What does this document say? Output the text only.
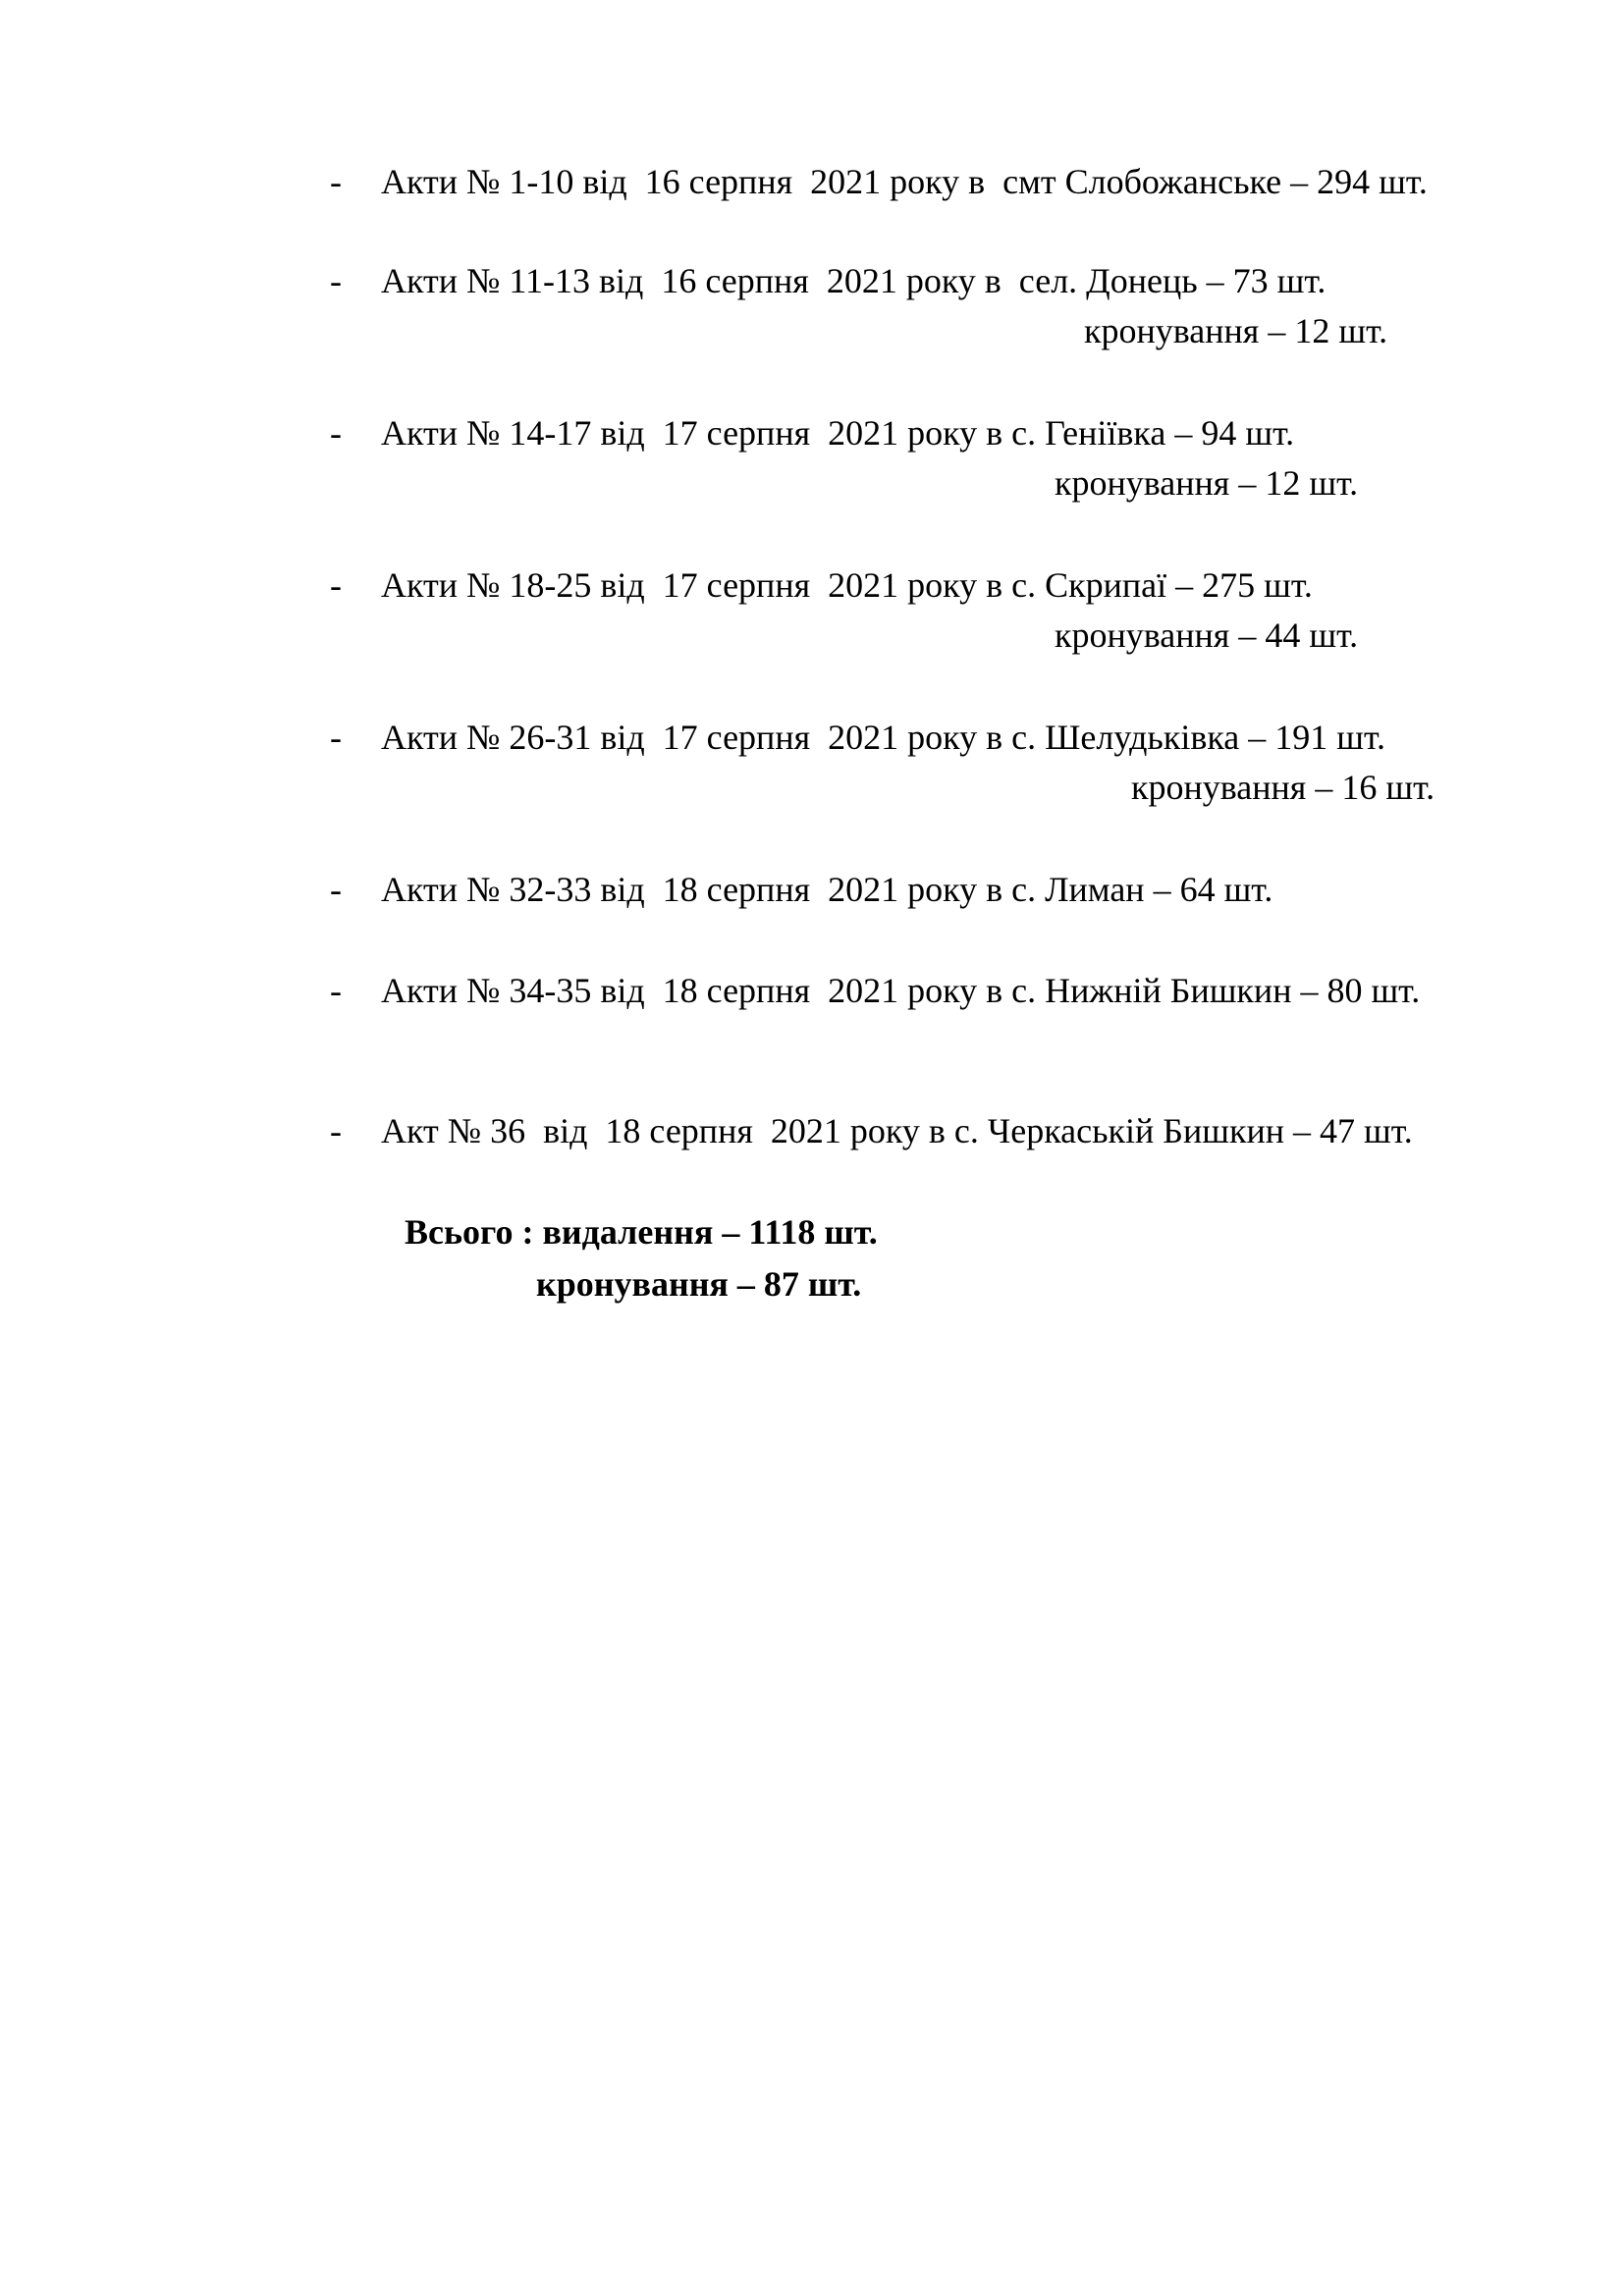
- Акти № 1-10 від  16 серпня  2021 року в  смт Слобожанське – 294 шт.
- Акти № 11-13 від  16 серпня  2021 року в  сел. Донець – 73 шт.
кронування – 12 шт.
- Акти № 14-17 від  17 серпня  2021 року в с. Геніївка – 94 шт.
кронування – 12 шт.
- Акти № 18-25 від  17 серпня  2021 року в с. Скрипаї – 275 шт.
кронування – 44 шт.
- Акти № 26-31 від  17 серпня  2021 року в с. Шелудьківка – 191 шт.
кронування – 16 шт.
- Акти № 32-33 від  18 серпня  2021 року в с. Лиман – 64 шт.
- Акти № 34-35 від  18 серпня  2021 року в с. Нижній Бишкин – 80 шт.
- Акт № 36  від  18 серпня  2021 року в с. Черкаській Бишкин – 47 шт.
Всього : видалення – 1118 шт.
кронування – 87 шт.
